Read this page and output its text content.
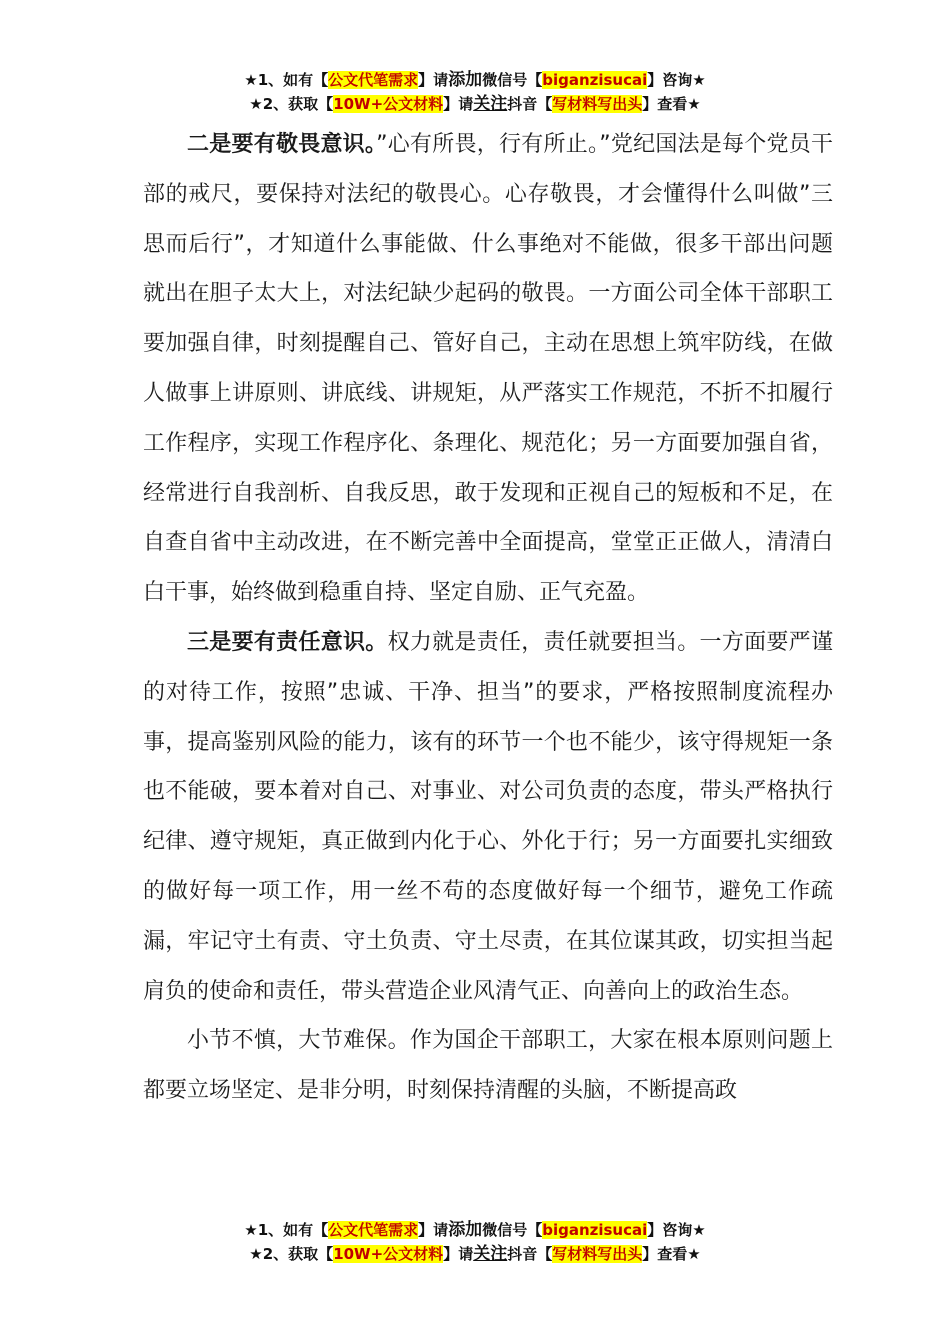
★1、如有【公文代笔需求】请添加微信号【biganzisucai】咨询★
★2、获取【10W+公文材料】请关注抖音【写材料写出头】查看★

二是要有敬畏意识。”心有所畏，行有所止。”党纪国法是每个党员干部的戒尺，要保持对法纪的敬畏心。心存敬畏，才会懂得什么叫做”三思而后行”，才知道什么事能做、什么事绝对不能做，很多干部出问题就出在胆子太大上，对法纪缺少起码的敬畏。一方面公司全体干部职工要加强自律，时刻提醒自己、管好自己，主动在思想上筑牢防线，在做人做事上讲原则、讲底线、讲规矩，从严落实工作规范，不折不扣履行工作程序，实现工作程序化、条理化、规范化；另一方面要加强自省，经常进行自我剖析、自我反思，敢于发现和正视自己的短板和不足，在自查自省中主动改进，在不断完善中全面提高，堂堂正正做人，清清白白干事，始终做到稳重自持、坚定自励、正气充盈。

三是要有责任意识。权力就是责任，责任就要担当。一方面要严谨的对待工作，按照”忠诚、干净、担当”的要求，严格按照制度流程办事，提高鉴别风险的能力，该有的环节一个也不能少，该守得规矩一条也不能破，要本着对自己、对事业、对公司负责的态度，带头严格执行纪律、遵守规矩，真正做到内化于心、外化于行；另一方面要扎实细致的做好每一项工作，用一丝不苟的态度做好每一个细节，避免工作疏漏，牢记守土有责、守土负责、守土尽责，在其位谋其政，切实担当起肩负的使命和责任，带头营造企业风清气正、向善向上的政治生态。

小节不慎，大节难保。作为国企干部职工，大家在根本原则问题上都要立场坚定、是非分明，时刻保持清醒的头脑，不断提高政

★1、如有【公文代笔需求】请添加微信号【biganzisucai】咨询★
★2、获取【10W+公文材料】请关注抖音【写材料写出头】查看★
